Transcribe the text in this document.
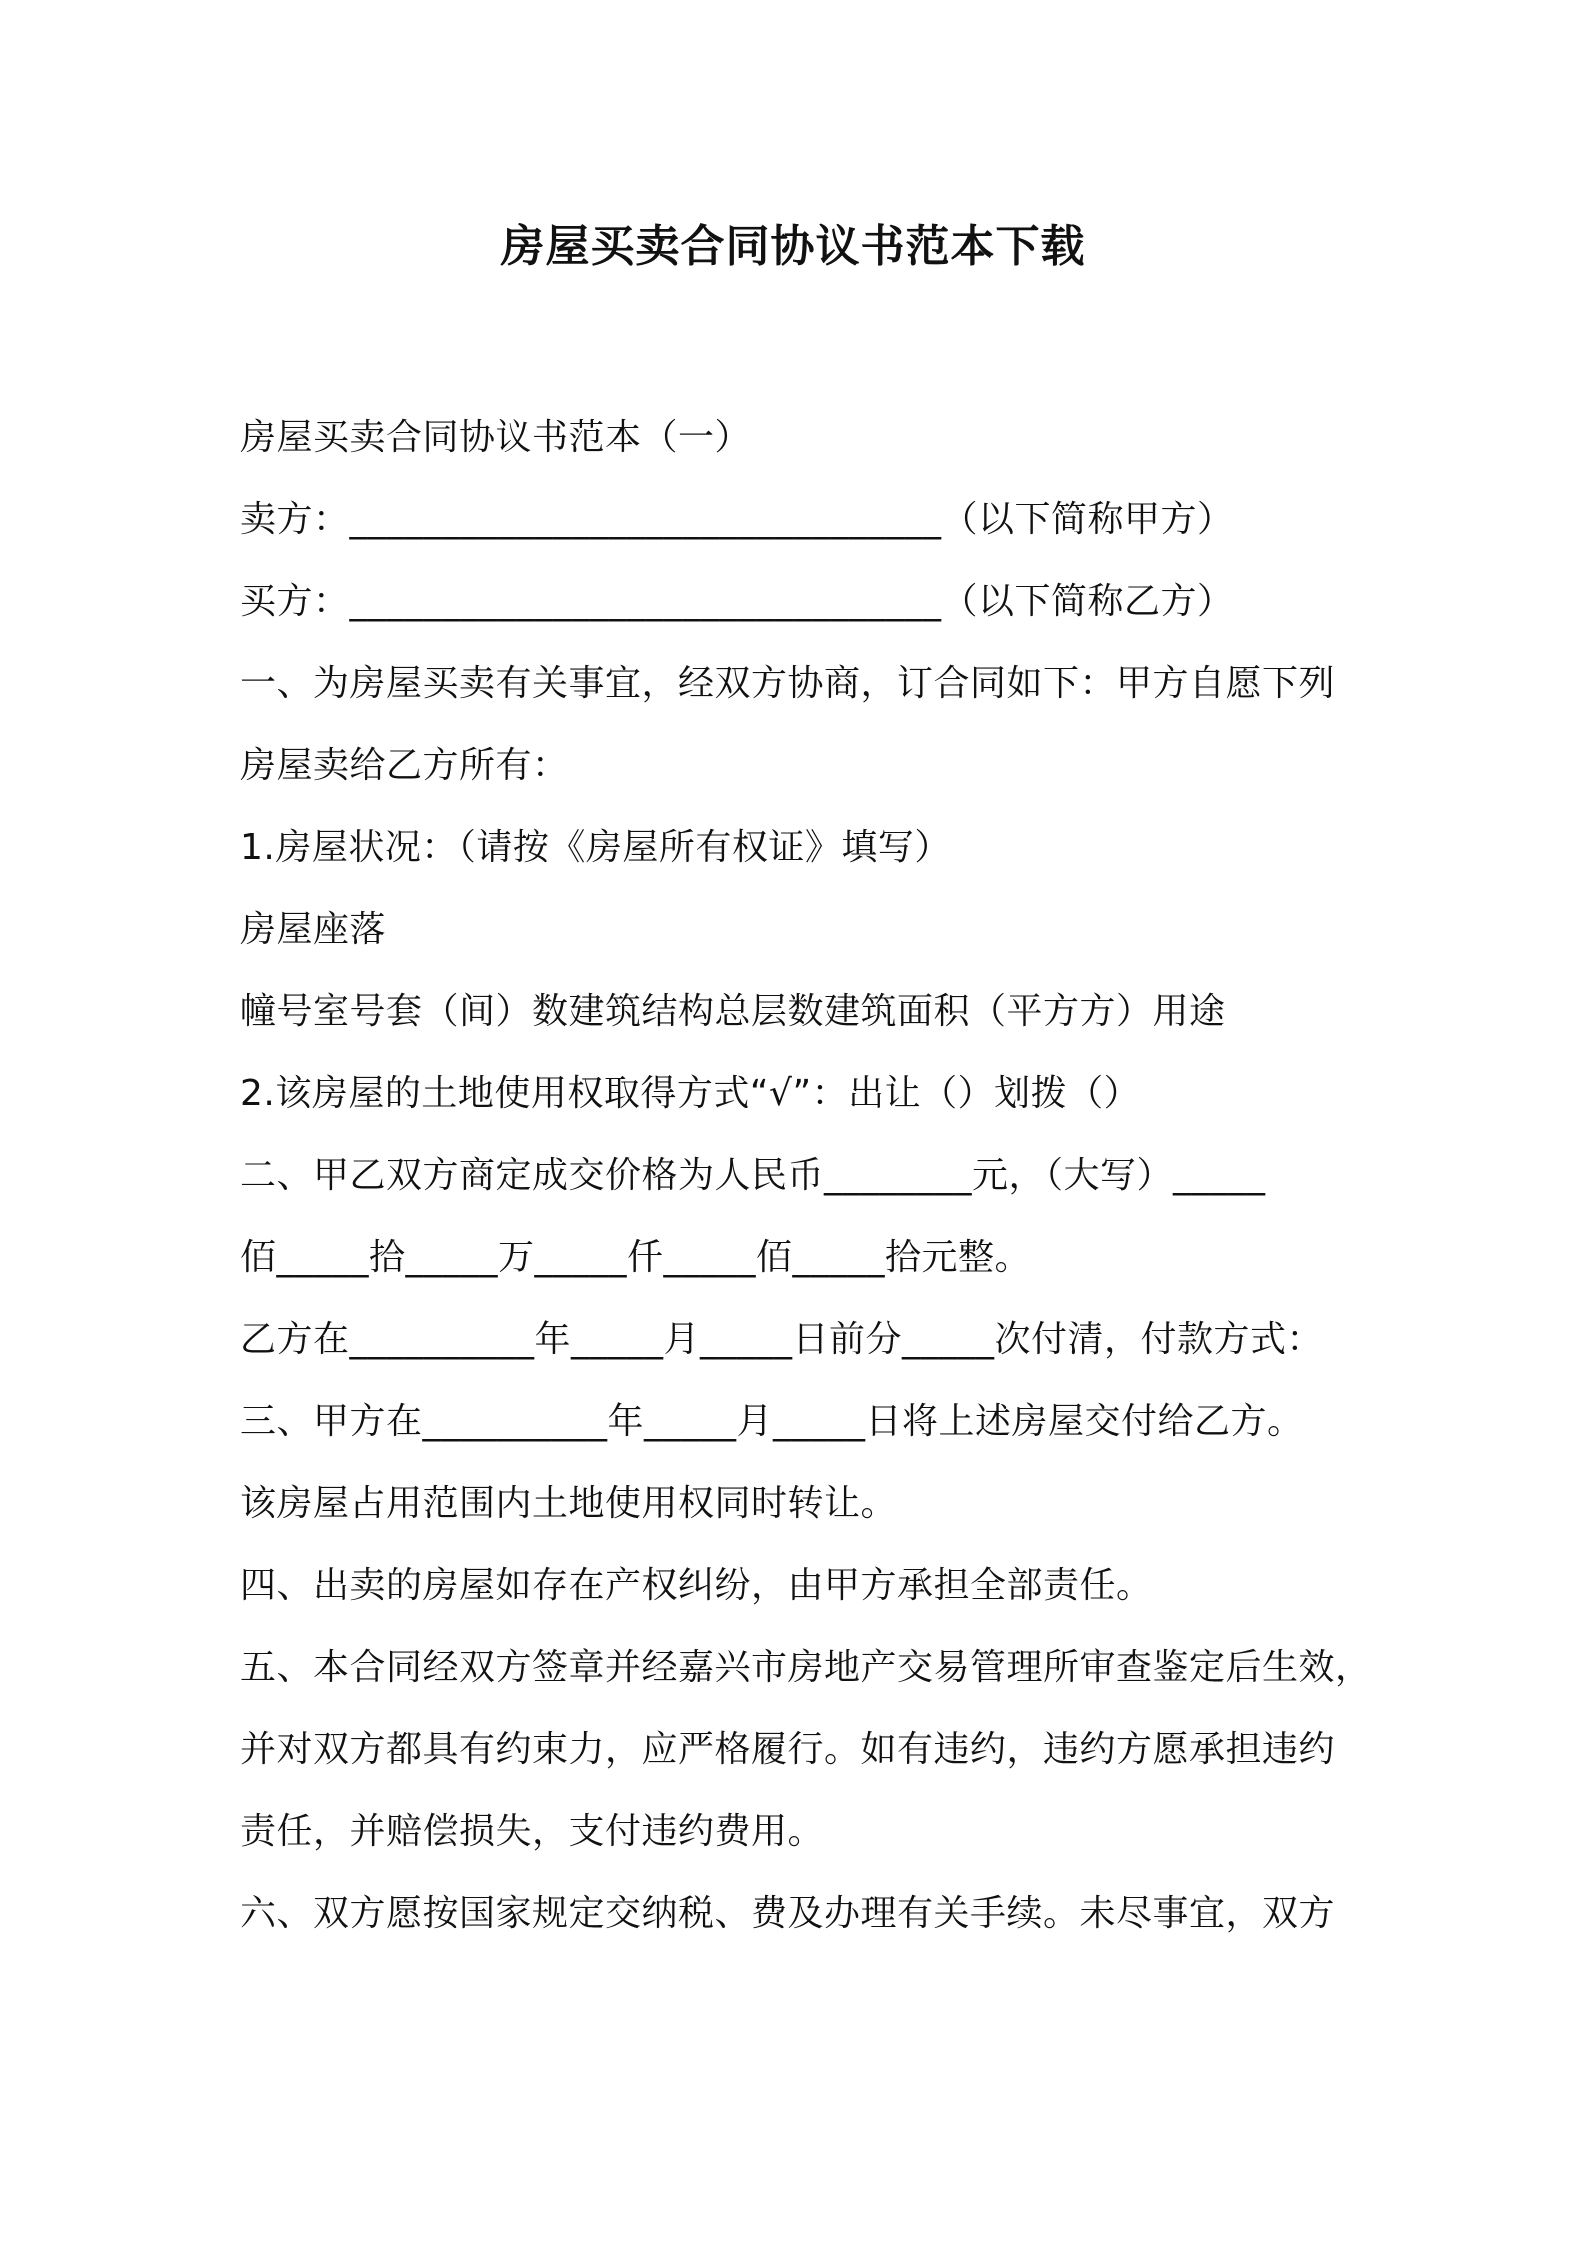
房屋买卖合同协议书范本下载
房屋买卖合同协议书范本（一）
卖方：________________________________（以下简称甲方）
买方：________________________________（以下简称乙方）
一、为房屋买卖有关事宜，经双方协商，订合同如下：甲方自愿下列
房屋卖给乙方所有：
1.房屋状况：（请按《房屋所有权证》填写）
房屋座落
幢号室号套（间）数建筑结构总层数建筑面积（平方方）用途
2.该房屋的土地使用权取得方式“√”：出让（）划拨（）
二、甲乙双方商定成交价格为人民币________元，（大写）_____
佰_____拾_____万_____仟_____佰_____拾元整。
乙方在__________年_____月_____日前分_____次付清，付款方式：
三、甲方在__________年_____月_____日将上述房屋交付给乙方。
该房屋占用范围内土地使用权同时转让。
四、出卖的房屋如存在产权纠纷，由甲方承担全部责任。
五、本合同经双方签章并经嘉兴市房地产交易管理所审查鉴定后生效，
并对双方都具有约束力，应严格履行。如有违约，违约方愿承担违约
责任，并赔偿损失，支付违约费用。
六、双方愿按国家规定交纳税、费及办理有关手续。未尽事宜，双方
